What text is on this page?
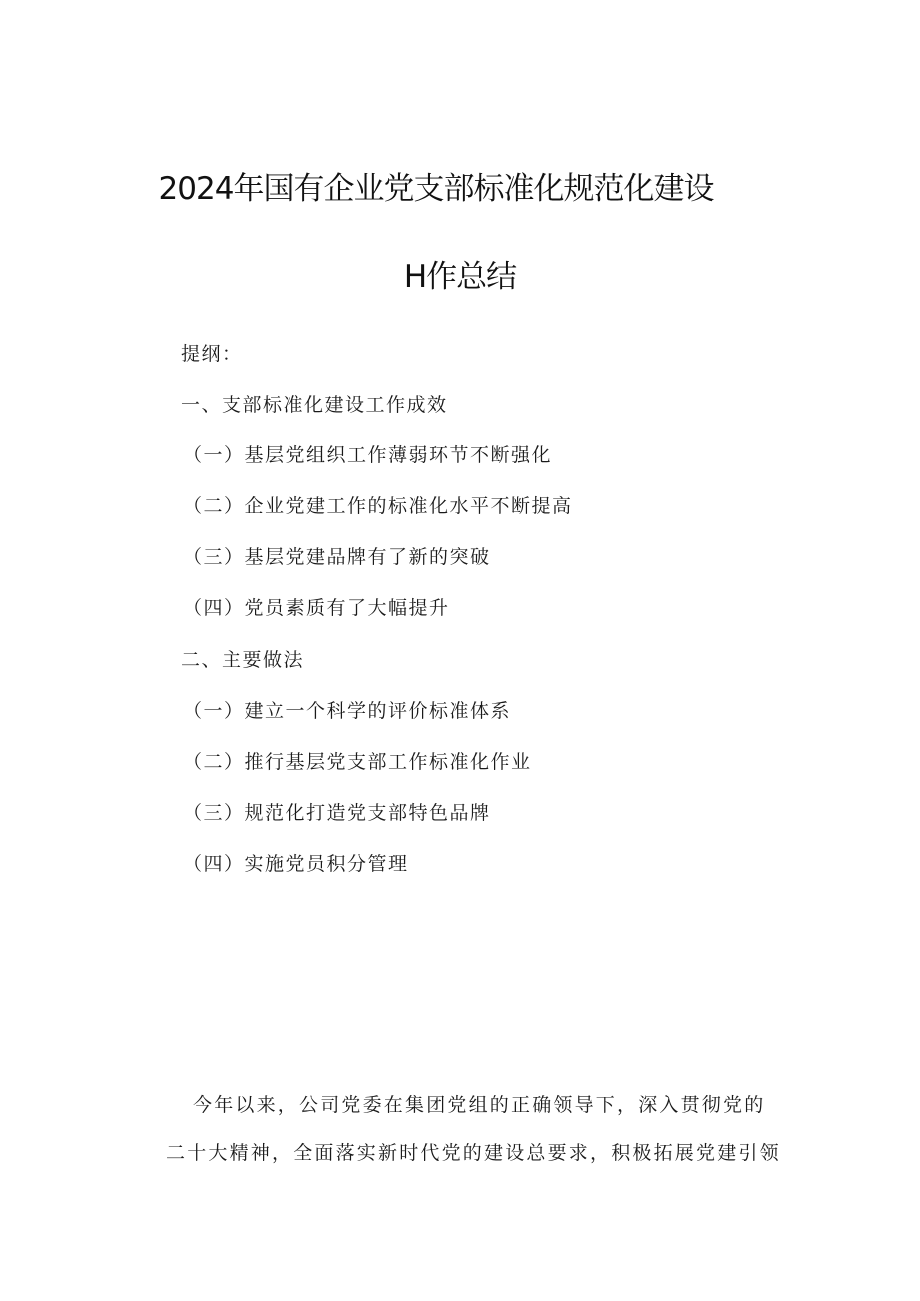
2024年国有企业党支部标准化规范化建设
H作总结
提纲：
一、支部标准化建设工作成效
（一）基层党组织工作薄弱环节不断强化
（二）企业党建工作的标准化水平不断提高
（三）基层党建品牌有了新的突破
（四）党员素质有了大幅提升
二、主要做法
（一）建立一个科学的评价标准体系
（二）推行基层党支部工作标准化作业
（三）规范化打造党支部特色品牌
（四）实施党员积分管理
今年以来，公司党委在集团党组的正确领导下，深入贯彻党的
二十大精神，全面落实新时代党的建设总要求，积极拓展党建引领
